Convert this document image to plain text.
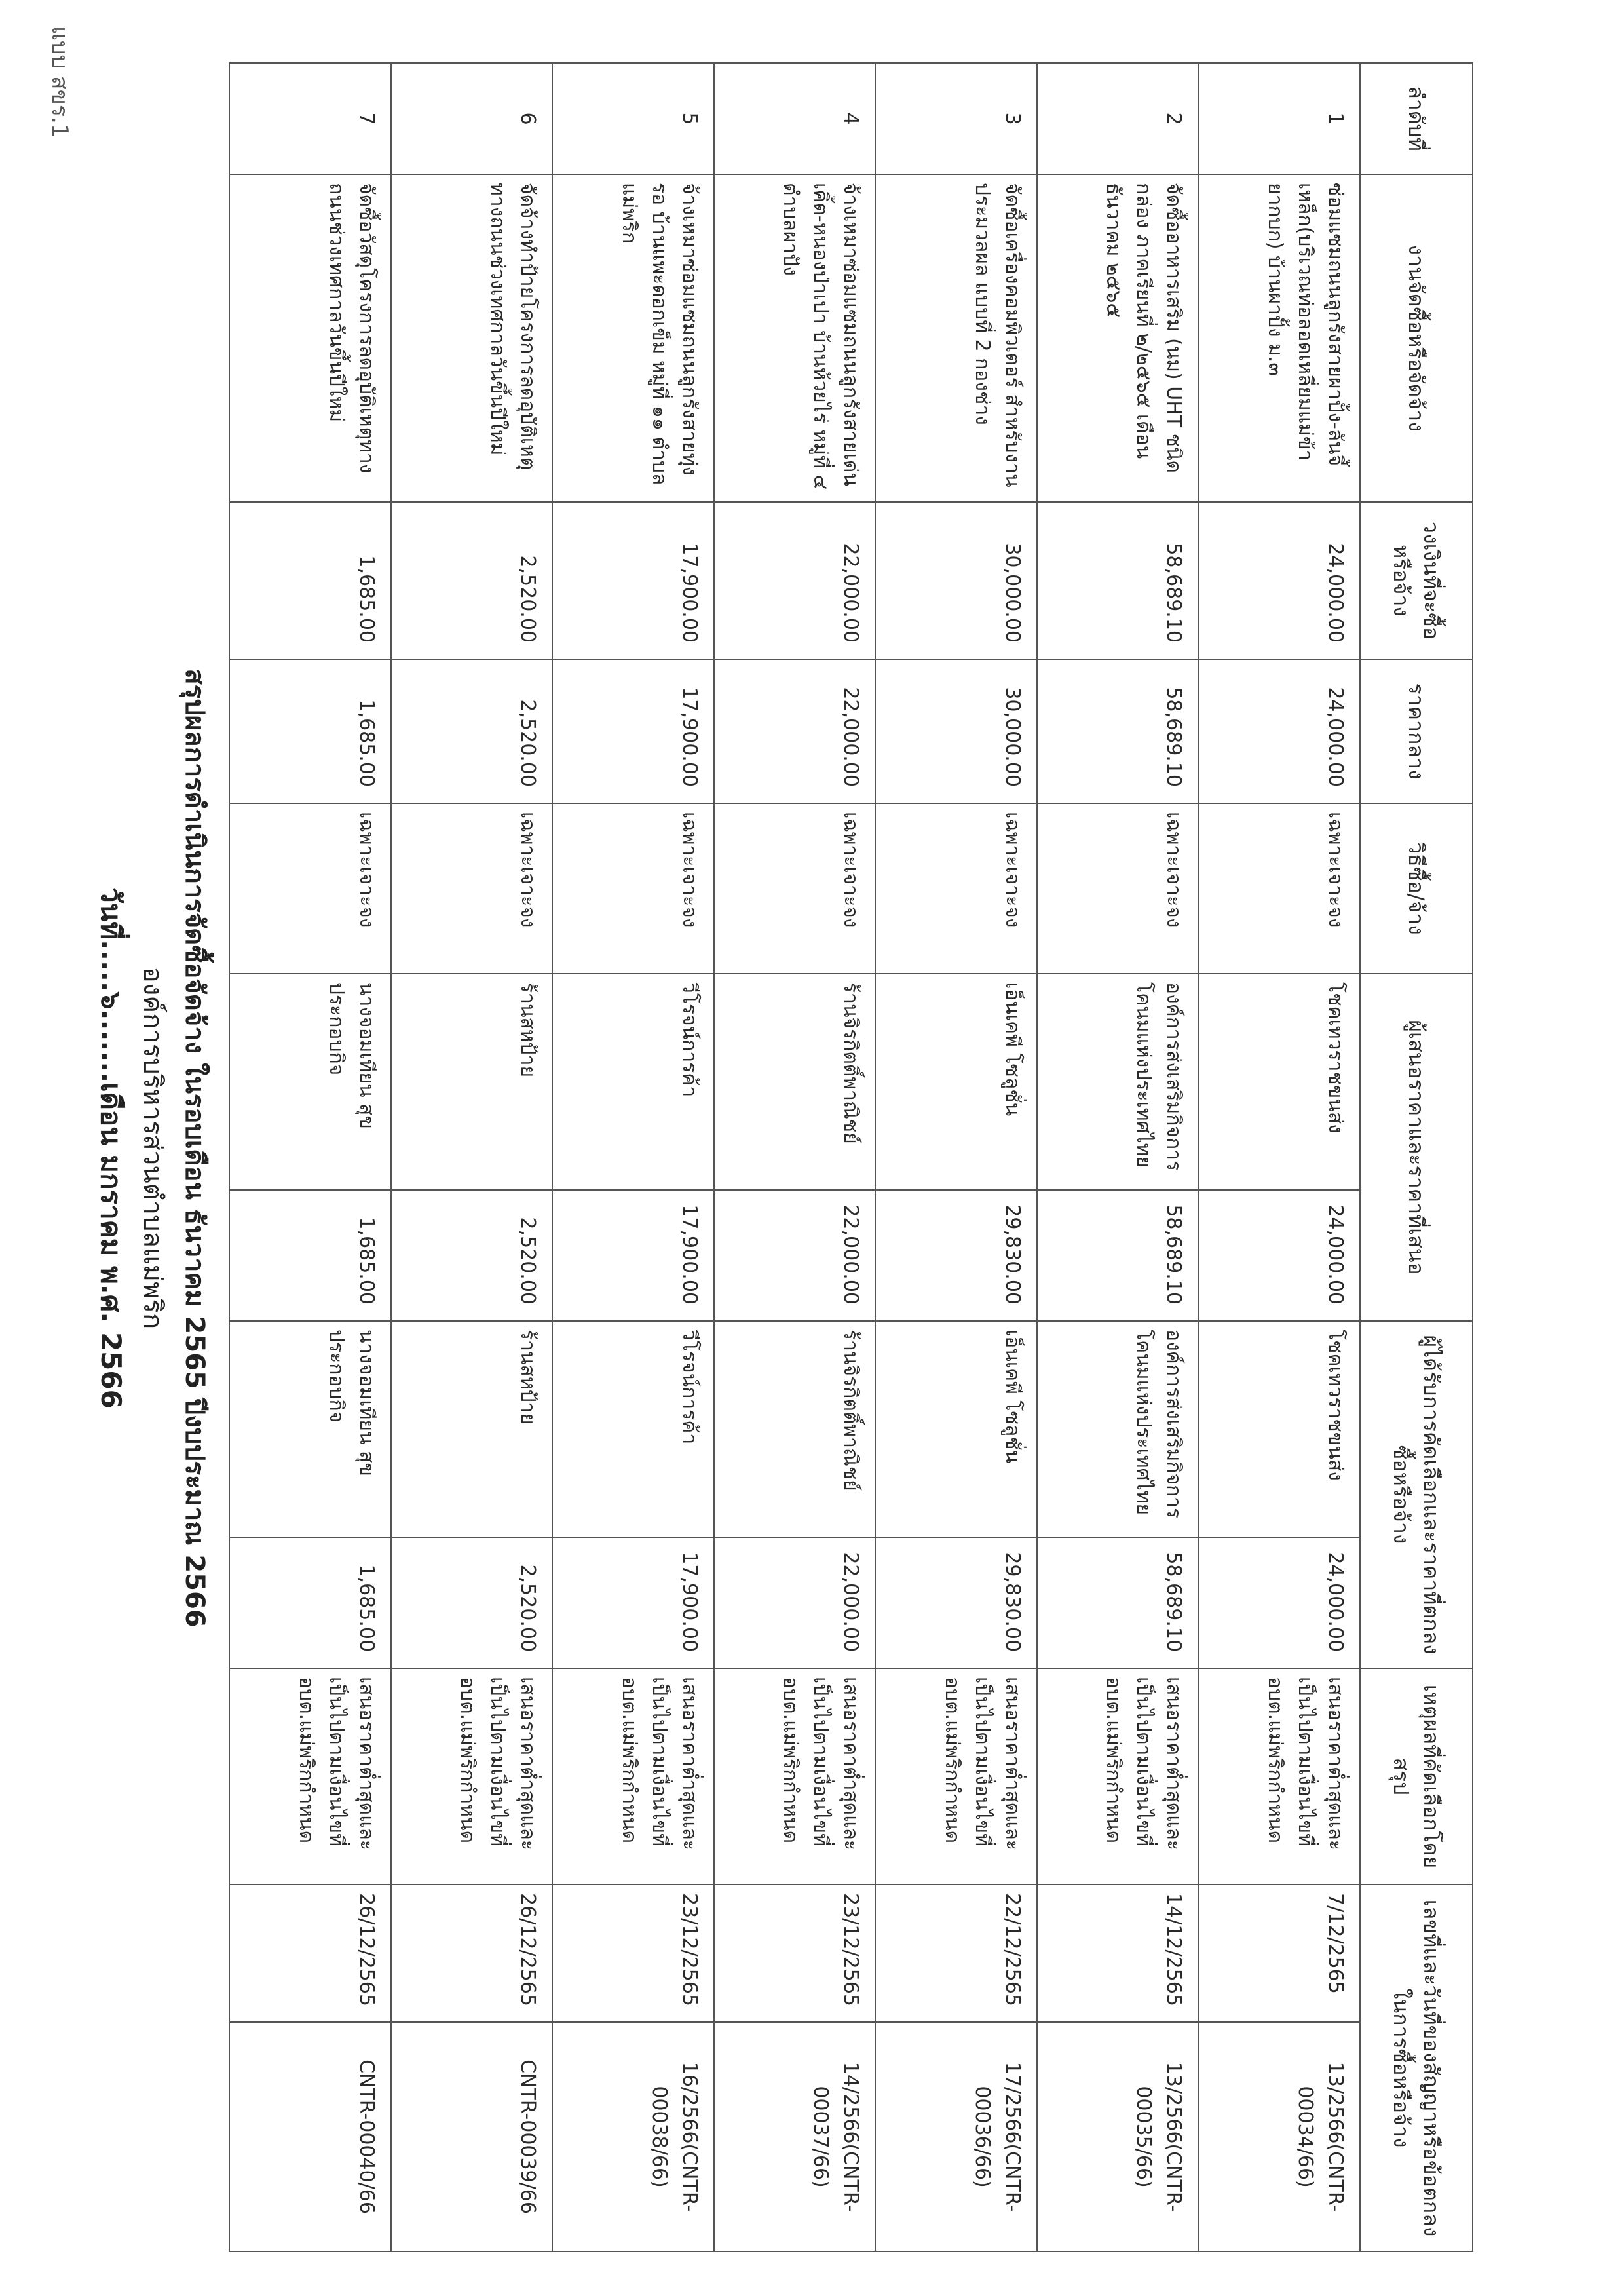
แบบ สขร.1	ลำดับที่	งานจัดซื้อหรือจัดจ้าง	วงเงินที่จะซื้อหรือจ้าง	ราคากลาง	วิธีซื้อ/จ้าง	ผู้เสนอราคาและราคาที่เสนอ		ผู้ได้รับการคัดเลือกและราคาที่ตกลงซื้อหรือจ้าง		เหตุผลที่คัดเลือกโดยสรุป	เลขที่และวันที่ของสัญญาหรือข้อตกลงในการซื้อหรือจ้าง	
1	ซ่อมแซมถนนลูกรังสายผาปั้ง-ลันจี้เหล็ก(บริเวณท่อลอดเหลี่ยมแม่ข้ายากบก) บ้านผาปั้ง ม.๓	24,000.00	24,000.00	เฉพาะเจาะจง	โชคเทวราชขนส่ง	24,000.00	โชคเทวราชขนส่ง	24,000.00	เสนอราคาต่ำสุดและเป็นไปตามเงื่อนไขที่ อบต.แม่พริกกำหนด	7/12/2565	13/2566(CNTR-00034/66)
2	จัดซื้ออาหารเสริม (นม) UHT ชนิดกล่อง ภาคเรียนที่ ๒/๒๕๖๕ เดือน ธันวาคม ๒๕๖๕	58,689.10	58,689.10	เฉพาะเจาะจง	องค์การส่งเสริมกิจการโคนมแห่งประเทศไทย	58,689.10	องค์การส่งเสริมกิจการโคนมแห่งประเทศไทย	58,689.10	เสนอราคาต่ำสุดและเป็นไปตามเงื่อนไขที่ อบต.แม่พริกกำหนด	14/12/2565	13/2566(CNTR-00035/66)
3	จัดซื้อเครื่องคอมพิวเตอร์ สำหรับงานประมวลผล แบบที่ 2 กองช่าง	30,000.00	30,000.00	เฉพาะเจาะจง	เอ็นเคพี โซลูชั่น	29,830.00	เอ็นเคพี โซลูชั่น	29,830.00	เสนอราคาต่ำสุดและเป็นไปตามเงื่อนไขที่ อบต.แม่พริกกำหนด	22/12/2565	17/2566(CNTR-00036/66)
4	จ้างเหมาซ่อมแซมถนนลูกรังสายเด่นเคิ้ต-หนองป่าเปา บ้านห้วยไร่ หมู่ที่ ๔ ตำบลผาปัง	22,000.00	22,000.00	เฉพาะเจาะจง	ร้านจิรกิตติ์พาณิชย์	22,000.00	ร้านจิรกิตติ์พาณิชย์	22,000.00	เสนอราคาต่ำสุดและเป็นไปตามเงื่อนไขที่ อบต.แม่พริกกำหนด	23/12/2565	14/2566(CNTR-00037/66)
5	จ้างเหมาซ่อมแซมถนนลูกรังสายทุ่งรอ บ้านแพะดอกเข็ม หมู่ที่ ๑๑ ตำบลแม่พริก	17,900.00	17,900.00	เฉพาะเจาะจง	วีโรจน์การค้า	17,900.00	วีโรจน์การค้า	17,900.00	เสนอราคาต่ำสุดและเป็นไปตามเงื่อนไขที่ อบต.แม่พริกกำหนด	23/12/2565	16/2566(CNTR-00038/66)
6	จัดจ้างทำป้ายโครงการลดอุบัติเหตุทางถนนช่วงเทศกาลวันขึ้นปีใหม่	2,520.00	2,520.00	เฉพาะเจาะจง	ร้านสหป้าย	2,520.00	ร้านสหป้าย	2,520.00	เสนอราคาต่ำสุดและเป็นไปตามเงื่อนไขที่ อบต.แม่พริกกำหนด	26/12/2565	CNTR-00039/66
7	จัดซื้อวัสดุโครงการลดอุบัติเหตุทางถนนช่วงเทศกาลวันขึ้นปีใหม่	1,685.00	1,685.00	เฉพาะเจาะจง	นางจอมเทียน สุขประกอบกิจ	1,685.00	นางจอมเทียน สุขประกอบกิจ	1,685.00	เสนอราคาต่ำสุดและเป็นไปตามเงื่อนไขที่ อบต.แม่พริกกำหนด	26/12/2565	CNTR-00040/66
สรุปผลการดำเนินการจัดซื้อจัดจ้าง ในรอบเดือน ธันวาคม 2565 ปีงบประมาณ 2566
องค์การบริหารส่วนตำบลแม่พริก
วันที่.....๖.......เดือน มกราคม พ.ศ. 2566
